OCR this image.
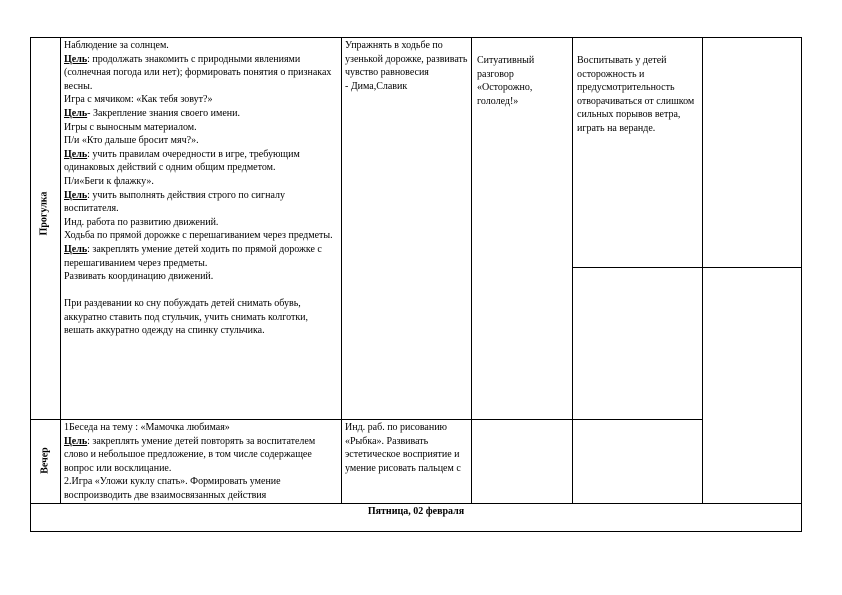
Прогулка

Наблюдение за солнцем.

Цель: продолжать знакомить с природными явлениями (солнечная погода или нет); формировать понятия о признаках весны.

Игра с мячиком: «Как тебя зовут?»

Цель- Закрепление знания своего имени.

Игры с выносным материалом.

П/и «Кто дальше бросит мяч?».

Цель: учить правилам очередности в игре, требующим одинаковых действий с одним общим предметом.

П/и«Беги к флажку».

Цель: учить выполнять действия строго по сигналу воспитателя.

Инд. работа по развитию движений.

Ходьба по прямой дорожке с перешагиванием через предметы.

Цель: закреплять умение детей ходить по прямой дорожке с перешагиванием через предметы.

Развивать координацию движений.

При раздевании ко сну побуждать детей снимать обувь, аккуратно ставить под стульчик, учить снимать колготки, вешать аккуратно одежду на спинку стульчика.

Упражнять в ходьбе по узенькой дорожке, развивать чувство равновесия
- Дима,Славик
Ситуативный разговор «Осторожно, гололед!»
Воспитывать у детей осторожность и предусмотрительность отворачиваться от слишком сильных порывов ветра, играть на веранде.
Вечер

1Беседа на тему : «Мамочка любимая»

Цель: закреплять умение детей повторять за воспитателем слово и небольшое предложение, в том числе содержащее вопрос или восклицание.

2.Игра «Уложи куклу спать». Формировать умение воспроизводить две взаимосвязанных действия

Инд. раб. по рисованию «Рыбка». Развивать эстетическое восприятие и умение рисовать пальцем с
Пятница, 02 февраля
